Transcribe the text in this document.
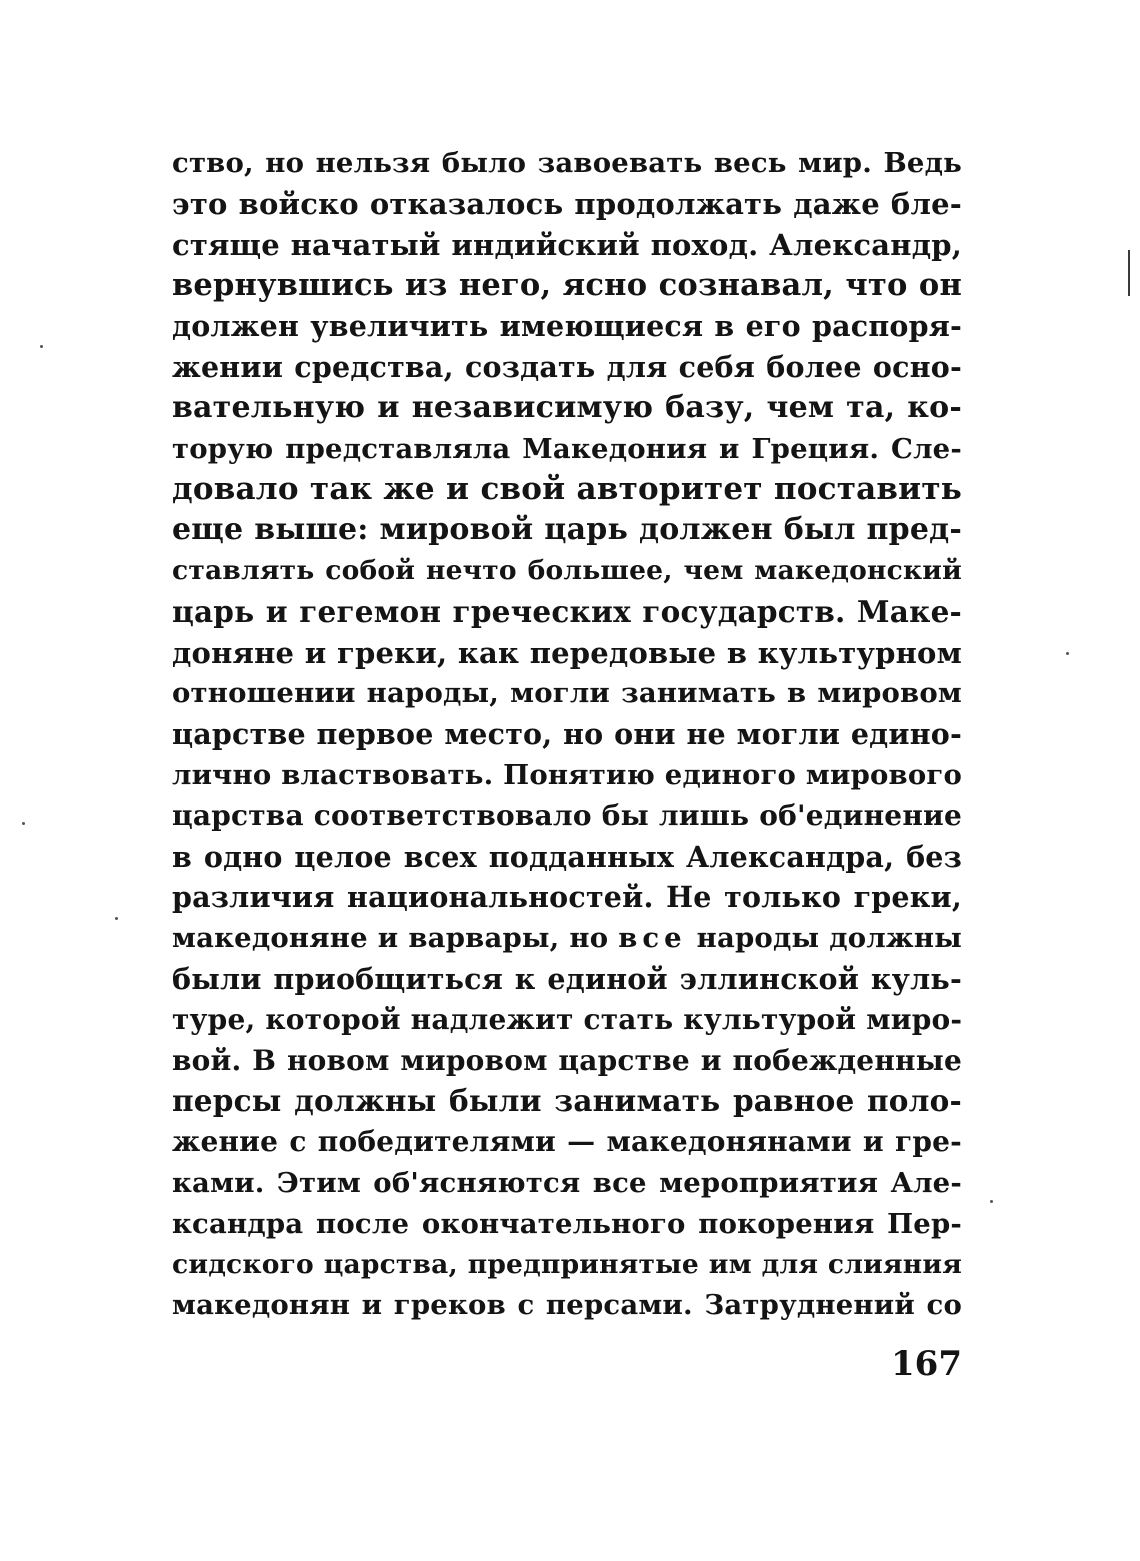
ство, но нельзя было завоевать весь мир. Ведь
это войско отказалось продолжать даже бле-
стяще начатый индийский поход. Александр,
вернувшись из него, ясно сознавал, что он
должен увеличить имеющиеся в его распоря-
жении средства, создать для себя более осно-
вательную и независимую базу, чем та, ко-
торую представляла Македония и Греция. Сле-
довало так же и свой авторитет поставить
еще выше: мировой царь должен был пред-
ставлять собой нечто большее, чем македонский
царь и гегемон греческих государств. Маке-
доняне и греки, как передовые в культурном
отношении народы, могли занимать в мировом
царстве первое место, но они не могли едино-
лично властвовать. Понятию единого мирового
царства соответствовало бы лишь об'единение
в одно целое всех подданных Александра, без
различия национальностей. Не только греки,
македоняне и варвары, но все народы должны
были приобщиться к единой эллинской куль-
туре, которой надлежит стать культурой миро-
вой. В новом мировом царстве и побежденные
персы должны были занимать равное поло-
жение с победителями — македонянами и гре-
ками. Этим об'ясняются все мероприятия Але-
ксандра после окончательного покорения Пер-
сидского царства, предпринятые им для слияния
македонян и греков с персами. Затруднений со
167
